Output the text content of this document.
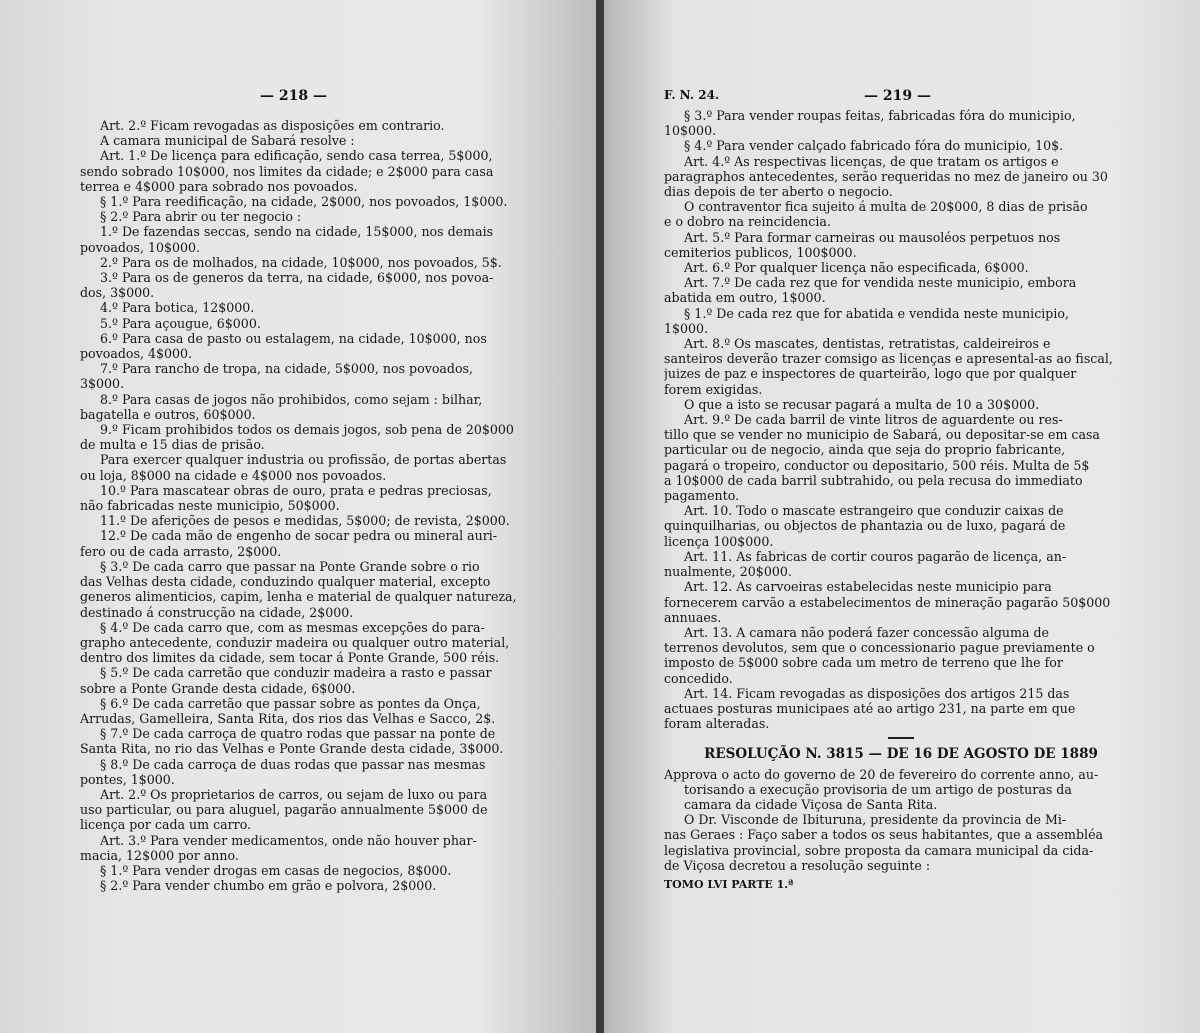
— 218 —
Art. 2.º Ficam revogadas as disposições em contrario.
A camara municipal de Sabará resolve :
Art. 1.º De licença para edificação, sendo casa terrea, 5$000,
sendo sobrado 10$000, nos limites da cidade; e 2$000 para casa
terrea e 4$000 para sobrado nos povoados.
§ 1.º Para reedificação, na cidade, 2$000, nos povoados, 1$000.
§ 2.º Para abrir ou ter negocio :
1.º De fazendas seccas, sendo na cidade, 15$000, nos demais
povoados, 10$000.
2.º Para os de molhados, na cidade, 10$000, nos povoados, 5$.
3.º Para os de generos da terra, na cidade, 6$000, nos povoa-
dos, 3$000.
4.º Para botica, 12$000.
5.º Para açougue, 6$000.
6.º Para casa de pasto ou estalagem, na cidade, 10$000, nos
povoados, 4$000.
7.º Para rancho de tropa, na cidade, 5$000, nos povoados,
3$000.
8.º Para casas de jogos não prohibidos, como sejam : bilhar,
bagatella e outros, 60$000.
9.º Ficam prohibidos todos os demais jogos, sob pena de 20$000
de multa e 15 dias de prisão.
Para exercer qualquer industria ou profissão, de portas abertas
ou loja, 8$000 na cidade e 4$000 nos povoados.
10.º Para mascatear obras de ouro, prata e pedras preciosas,
não fabricadas neste municipio, 50$000.
11.º De aferições de pesos e medidas, 5$000; de revista, 2$000.
12.º De cada mão de engenho de socar pedra ou mineral auri-
fero ou de cada arrasto, 2$000.
§ 3.º De cada carro que passar na Ponte Grande sobre o rio
das Velhas desta cidade, conduzindo qualquer material, excepto
generos alimenticios, capim, lenha e material de qualquer natureza,
destinado á construcção na cidade, 2$000.
§ 4.º De cada carro que, com as mesmas excepções do para-
grapho antecedente, conduzir madeira ou qualquer outro material,
dentro dos limites da cidade, sem tocar á Ponte Grande, 500 réis.
§ 5.º De cada carretão que conduzir madeira a rasto e passar
sobre a Ponte Grande desta cidade, 6$000.
§ 6.º De cada carretão que passar sobre as pontes da Onça,
Arrudas, Gamelleira, Santa Rita, dos rios das Velhas e Sacco, 2$.
§ 7.º De cada carroça de quatro rodas que passar na ponte de
Santa Rita, no rio das Velhas e Ponte Grande desta cidade, 3$000.
§ 8.º De cada carroça de duas rodas que passar nas mesmas
pontes, 1$000.
Art. 2.º Os proprietarios de carros, ou sejam de luxo ou para
uso particular, ou para aluguel, pagarão annualmente 5$000 de
licença por cada um carro.
Art. 3.º Para vender medicamentos, onde não houver phar-
macia, 12$000 por anno.
§ 1.º Para vender drogas em casas de negocios, 8$000.
§ 2.º Para vender chumbo em grão e polvora, 2$000.
F. N. 24.	— 219 —
§ 3.º Para vender roupas feitas, fabricadas fóra do municipio,
10$000.
§ 4.º Para vender calçado fabricado fóra do municipio, 10$.
Art. 4.º As respectivas licenças, de que tratam os artigos e
paragraphos antecedentes, serão requeridas no mez de janeiro ou 30
dias depois de ter aberto o negocio.
O contraventor fica sujeito á multa de 20$000, 8 dias de prisão
e o dobro na reincidencia.
Art. 5.º Para formar carneiras ou mausoléos perpetuos nos
cemiterios publicos, 100$000.
Art. 6.º Por qualquer licença não especificada, 6$000.
Art. 7.º De cada rez que for vendida neste municipio, embora
abatida em outro, 1$000.
§ 1.º De cada rez que for abatida e vendida neste municipio,
1$000.
Art. 8.º Os mascates, dentistas, retratistas, caldeireiros e
santeiros deverão trazer comsigo as licenças e apresental-as ao fiscal,
juizes de paz e inspectores de quarteirão, logo que por qualquer
forem exigidas.
O que a isto se recusar pagará a multa de 10 a 30$000.
Art. 9.º De cada barril de vinte litros de aguardente ou res-
tillo que se vender no municipio de Sabará, ou depositar-se em casa
particular ou de negocio, ainda que seja do proprio fabricante,
pagará o tropeiro, conductor ou depositario, 500 réis. Multa de 5$
a 10$000 de cada barril subtrahido, ou pela recusa do immediato
pagamento.
Art. 10. Todo o mascate estrangeiro que conduzir caixas de
quinquilharias, ou objectos de phantazia ou de luxo, pagará de
licença 100$000.
Art. 11. As fabricas de cortir couros pagarão de licença, an-
nualmente, 20$000.
Art. 12. As carvoeiras estabelecidas neste municipio para
fornecerem carvão a estabelecimentos de mineração pagarão 50$000
annuaes.
Art. 13. A camara não poderá fazer concessão alguma de
terrenos devolutos, sem que o concessionario pague previamente o
imposto de 5$000 sobre cada um metro de terreno que lhe for
concedido.
Art. 14. Ficam revogadas as disposições dos artigos 215 das
actuaes posturas municipaes até ao artigo 231, na parte em que
foram alteradas.
RESOLUÇÃO N. 3815 — DE 16 DE AGOSTO DE 1889
Approva o acto do governo de 20 de fevereiro do corrente anno, au-
torisando a execução provisoria de um artigo de posturas da
camara da cidade Viçosa de Santa Rita.
O Dr. Visconde de Ibituruna, presidente da provincia de Mi-
nas Geraes : Faço saber a todos os seus habitantes, que a assembléa
legislativa provincial, sobre proposta da camara municipal da cida-
de Viçosa decretou a resolução seguinte :
TOMO LVI PARTE 1.ª
